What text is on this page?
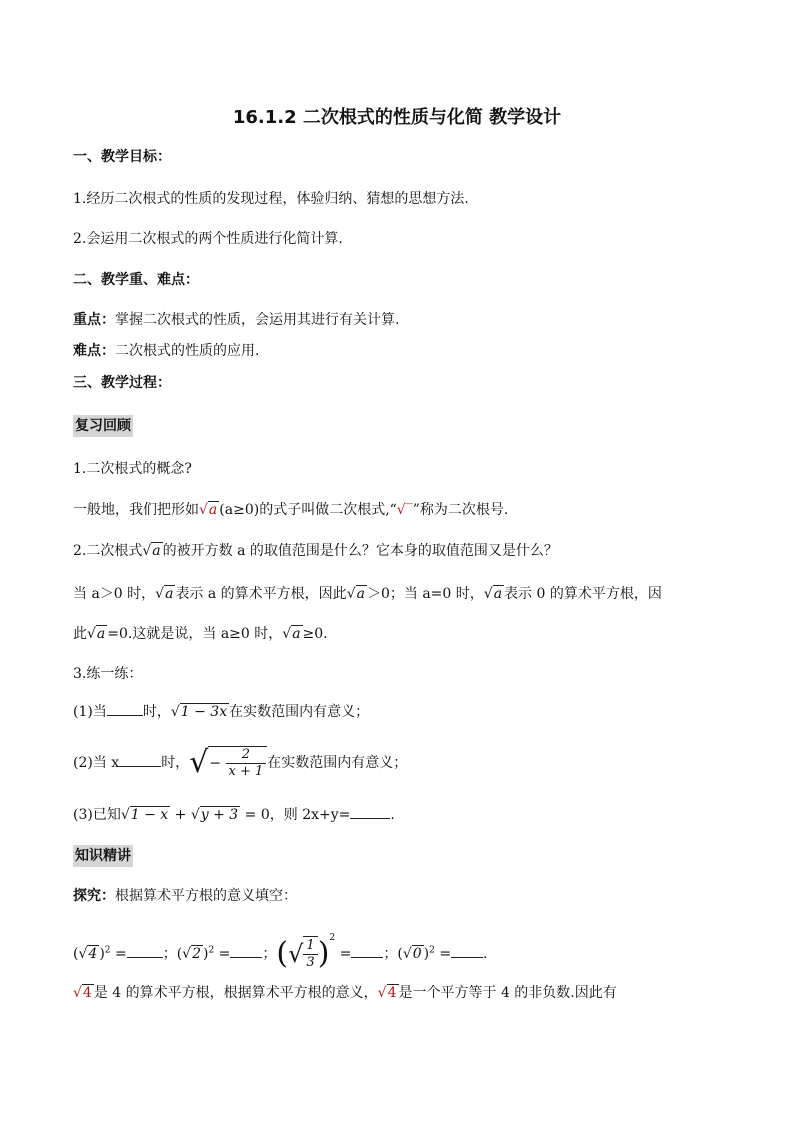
16.1.2 二次根式的性质与化简 教学设计
一、教学目标：
1.经历二次根式的性质的发现过程，体验归纳、猜想的思想方法.
2.会运用二次根式的两个性质进行化简计算.
二、教学重、难点：
重点：掌握二次根式的性质，会运用其进行有关计算.
难点：二次根式的性质的应用.
三、教学过程：
复习回顾
1.二次根式的概念?
一般地，我们把形如√a (a≥0)的式子叫做二次根式,“√‾”称为二次根号.
2.二次根式√a 的被开方数 a 的取值范围是什么？它本身的取值范围又是什么？
当 a＞0 时，√a 表示 a 的算术平方根，因此√a ＞0；当 a=0 时，√a 表示 0 的算术平方根，因
此√a =0.这就是说，当 a≥0 时，√a ≥0.
3.练一练：
(1)当	时，√1 − 3x 在实数范围内有意义；
(2)当 x	时，√− $\frac{2}{x + 1}$ 在实数范围内有意义；
(3)已知√1 − x + √y + 3 = 0，则 2x+y=	.
知识精讲
探究：根据算术平方根的意义填空：
(√4 )$^2$ =	；(√2 )$^2$ = ；(√ $\frac{1}{3} )^2$ = ；(√0 )$^2$ = .
√4 是 4 的算术平方根，根据算术平方根的意义，√4 是一个平方等于 4 的非负数.因此有
